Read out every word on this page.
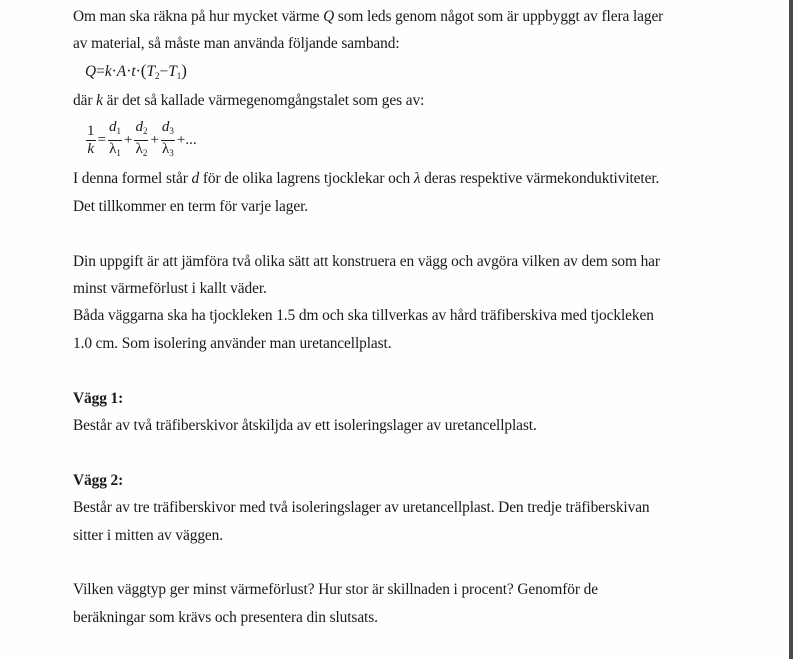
Om man ska räkna på hur mycket värme Q som leds genom något som är uppbyggt av flera lager
av material, så måste man använda följande samband:
$Q=k\cdot A\cdot t\cdot(T_2-T_1)$
där k är det så kallade värmegenomgångstalet som ges av:
$\frac{1}{k} = \frac{d_1}{\lambda_1} + \frac{d_2}{\lambda_2} + \frac{d_3}{\lambda_3}$ +...
I denna formel står d för de olika lagrens tjocklekar och λ deras respektive värmekonduktiviteter.
Det tillkommer en term för varje lager.
Din uppgift är att jämföra två olika sätt att konstruera en vägg och avgöra vilken av dem som har
minst värmeförlust i kallt väder.
Båda väggarna ska ha tjockleken 1.5 dm och ska tillverkas av hård träfiberskiva med tjockleken
1.0 cm. Som isolering använder man uretancellplast.
Vägg 1:
Består av två träfiberskivor åtskiljda av ett isoleringslager av uretancellplast.
Vägg 2:
Består av tre träfiberskivor med två isoleringslager av uretancellplast. Den tredje träfiberskivan
sitter i mitten av väggen.
Vilken väggtyp ger minst värmeförlust? Hur stor är skillnaden i procent? Genomför de
beräkningar som krävs och presentera din slutsats.
